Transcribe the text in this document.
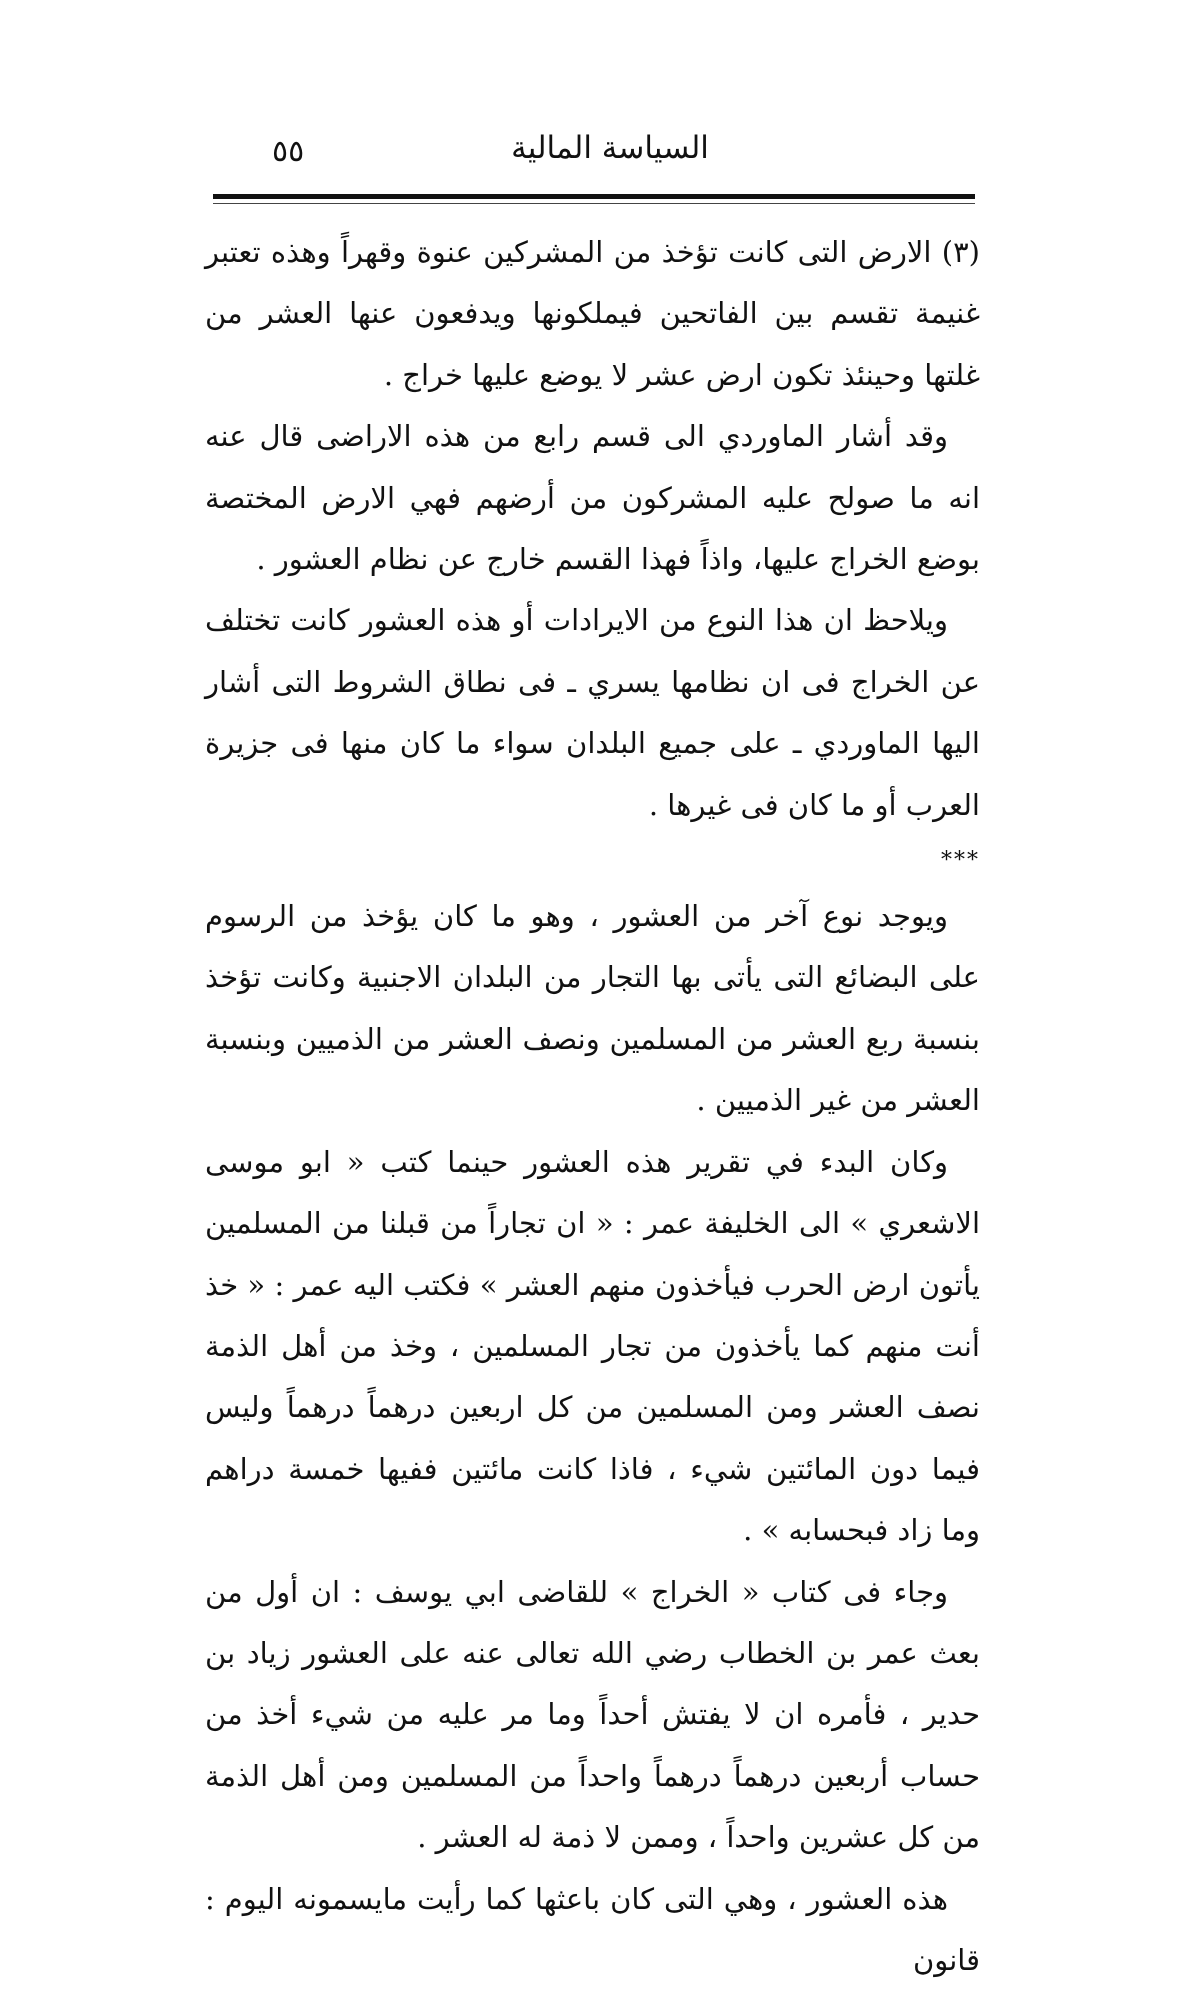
٥٥	السياسة المالية

(٣) الارض التى كانت تؤخذ من المشركين عنوة وقهراً وهذه تعتبر غنيمة تقسم بين الفاتحين فيملكونها ويدفعون عنها العشر من غلتها وحينئذ تكون ارض عشر لا يوضع عليها خراج .

وقد أشار الماوردي الى قسم رابع من هذه الاراضى قال عنه انه ما صولح عليه المشركون من أرضهم فهي الارض المختصة بوضع الخراج عليها، واذاً فهذا القسم خارج عن نظام العشور .

ويلاحظ ان هذا النوع من الايرادات أو هذه العشور كانت تختلف عن الخراج فى ان نظامها يسري ـ فى نطاق الشروط التى أشار اليها الماوردي ـ على جميع البلدان سواء ما كان منها فى جزيرة العرب أو ما كان فى غيرها .

***

ويوجد نوع آخر من العشور ، وهو ما كان يؤخذ من الرسوم على البضائع التى يأتى بها التجار من البلدان الاجنبية وكانت تؤخذ بنسبة ربع العشر من المسلمين ونصف العشر من الذميين وبنسبة العشر من غير الذميين .

وكان البدء في تقرير هذه العشور حينما كتب « ابو موسى الاشعري » الى الخليفة عمر : « ان تجاراً من قبلنا من المسلمين يأتون ارض الحرب فيأخذون منهم العشر » فكتب اليه عمر : « خذ أنت منهم كما يأخذون من تجار المسلمين ، وخذ من أهل الذمة نصف العشر ومن المسلمين من كل اربعين درهماً درهماً وليس فيما دون المائتين شيء ، فاذا كانت مائتين ففيها خمسة دراهم وما زاد فبحسابه » .

وجاء فى كتاب « الخراج » للقاضى ابي يوسف : ان أول من بعث عمر بن الخطاب رضي الله تعالى عنه على العشور زياد بن حدير ، فأمره ان لا يفتش أحداً وما مر عليه من شيء أخذ من حساب أربعين درهماً درهماً واحداً من المسلمين ومن أهل الذمة من كل عشرين واحداً ، وممن لا ذمة له العشر .

هذه العشور ، وهي التى كان باعثها كما رأيت مايسمونه اليوم : قانون
